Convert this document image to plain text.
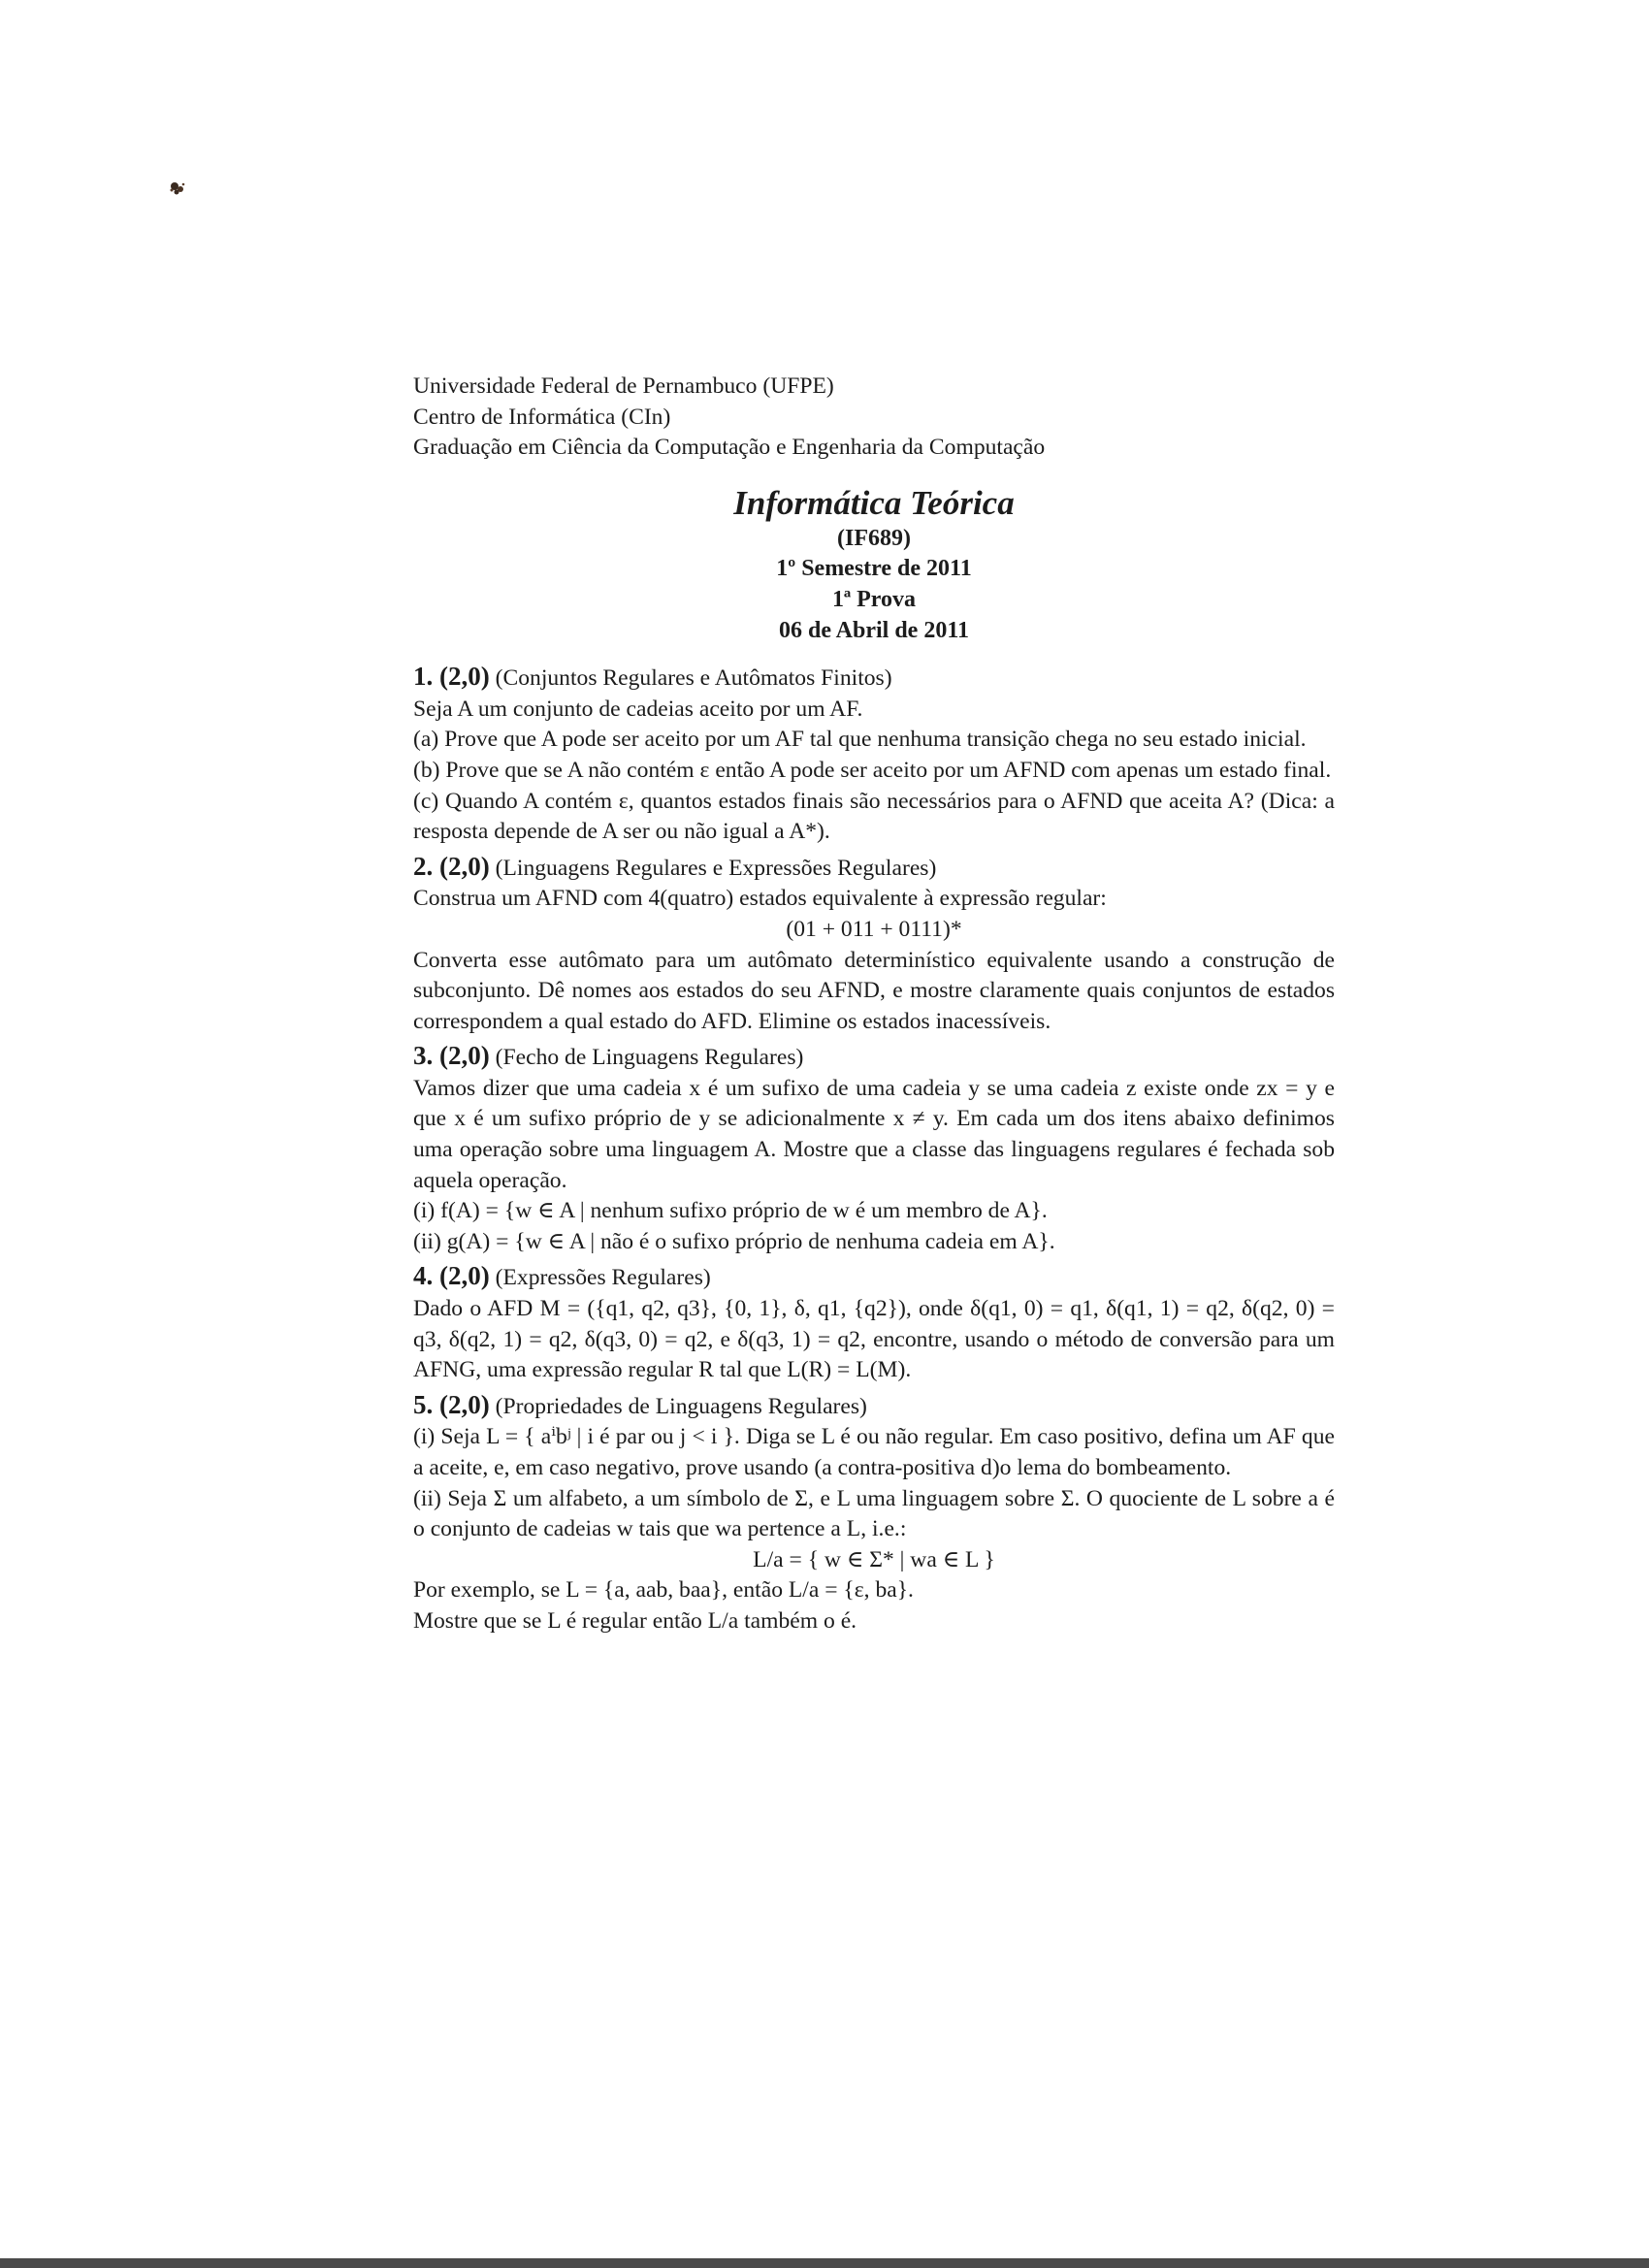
Universidade Federal de Pernambuco (UFPE)
Centro de Informática (CIn)
Graduação em Ciência da Computação e Engenharia da Computação
Informática Teórica
(IF689)
1º Semestre de 2011
1ª Prova
06 de Abril de 2011
1. (2,0) (Conjuntos Regulares e Autômatos Finitos)
Seja A um conjunto de cadeias aceito por um AF.
(a) Prove que A pode ser aceito por um AF tal que nenhuma transição chega no seu estado inicial.
(b) Prove que se A não contém ε então A pode ser aceito por um AFND com apenas um estado final.
(c) Quando A contém ε, quantos estados finais são necessários para o AFND que aceita A? (Dica: a resposta depende de A ser ou não igual a A*).
2. (2,0) (Linguagens Regulares e Expressões Regulares)
Construa um AFND com 4(quatro) estados equivalente à expressão regular:
(01 + 011 + 0111)*
Converta esse autômato para um autômato determinístico equivalente usando a construção de subconjunto. Dê nomes aos estados do seu AFND, e mostre claramente quais conjuntos de estados correspondem a qual estado do AFD. Elimine os estados inacessíveis.
3. (2,0) (Fecho de Linguagens Regulares)
Vamos dizer que uma cadeia x é um sufixo de uma cadeia y se uma cadeia z existe onde zx = y e que x é um sufixo próprio de y se adicionalmente x ≠ y. Em cada um dos itens abaixo definimos uma operação sobre uma linguagem A. Mostre que a classe das linguagens regulares é fechada sob aquela operação.
(i) f(A) = {w ∈ A | nenhum sufixo próprio de w é um membro de A}.
(ii) g(A) = {w ∈ A | não é o sufixo próprio de nenhuma cadeia em A}.
4. (2,0) (Expressões Regulares)
Dado o AFD M = ({q1, q2, q3}, {0, 1}, δ, q1, {q2}), onde δ(q1, 0) = q1, δ(q1, 1) = q2, δ(q2, 0) = q3, δ(q2, 1) = q2, δ(q3, 0) = q2, e δ(q3, 1) = q2, encontre, usando o método de conversão para um AFNG, uma expressão regular R tal que L(R) = L(M).
5. (2,0) (Propriedades de Linguagens Regulares)
(i) Seja L = { aⁱbʲ | i é par ou j < i }. Diga se L é ou não regular. Em caso positivo, defina um AF que a aceite, e, em caso negativo, prove usando (a contra-positiva d)o lema do bombeamento.
(ii) Seja Σ um alfabeto, a um símbolo de Σ, e L uma linguagem sobre Σ. O quociente de L sobre a é o conjunto de cadeias w tais que wa pertence a L, i.e.:
L/a = { w ∈ Σ* | wa ∈ L }
Por exemplo, se L = {a, aab, baa}, então L/a = {ε, ba}.
Mostre que se L é regular então L/a também o é.
